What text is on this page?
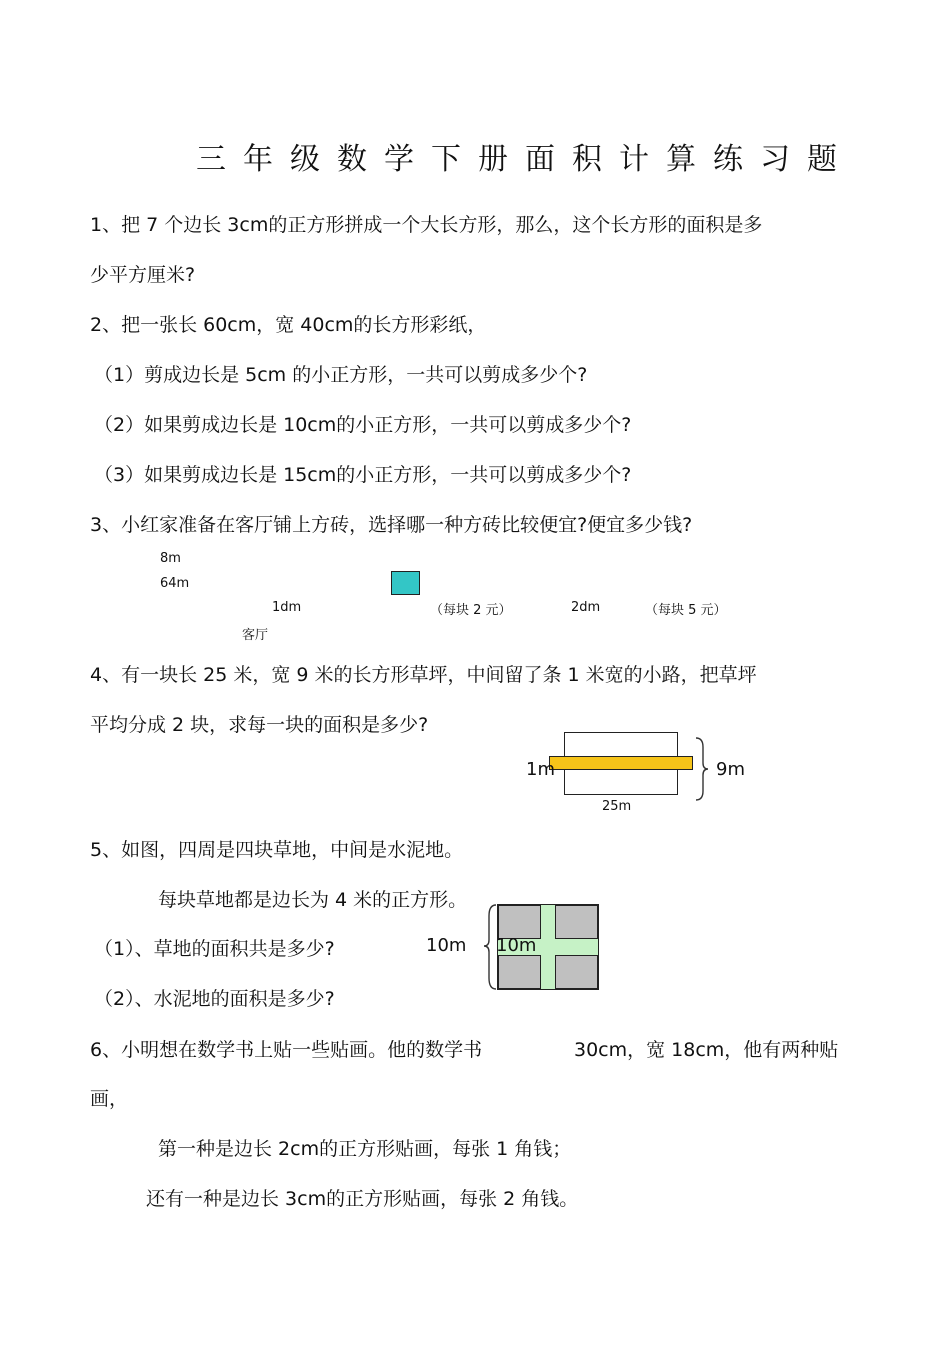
三年级数学下册面积计算练习题
1、把 7 个边长 3cm的正方形拼成一个大长方形，那么，这个长方形的面积是多
少平方厘米?
2、把一张长 60cm，宽 40cm的长方形彩纸，
（1）剪成边长是 5cm 的小正方形，一共可以剪成多少个?
（2）如果剪成边长是 10cm的小正方形，一共可以剪成多少个?
（3）如果剪成边长是 15cm的小正方形，一共可以剪成多少个?
3、小红家准备在客厅铺上方砖，选择哪一种方砖比较便宜?便宜多少钱?
8m
64m
1dm	（每块 2 元）	2dm	（每块 5 元）
客厅
4、有一块长 25 米，宽 9 米的长方形草坪，中间留了条 1 米宽的小路，把草坪
平均分成 2 块，求每一块的面积是多少?
1m	9m
25m
5、如图，四周是四块草地，中间是水泥地。
每块草地都是边长为 4 米的正方形。
（1）、草地的面积共是多少?
（2）、水泥地的面积是多少?
10m 10m
6、小明想在数学书上贴一些贴画。他的数学书	30cm，宽 18cm，他有两种贴
画，
第一种是边长 2cm的正方形贴画，每张 1 角钱；
还有一种是边长 3cm的正方形贴画，每张 2 角钱。
